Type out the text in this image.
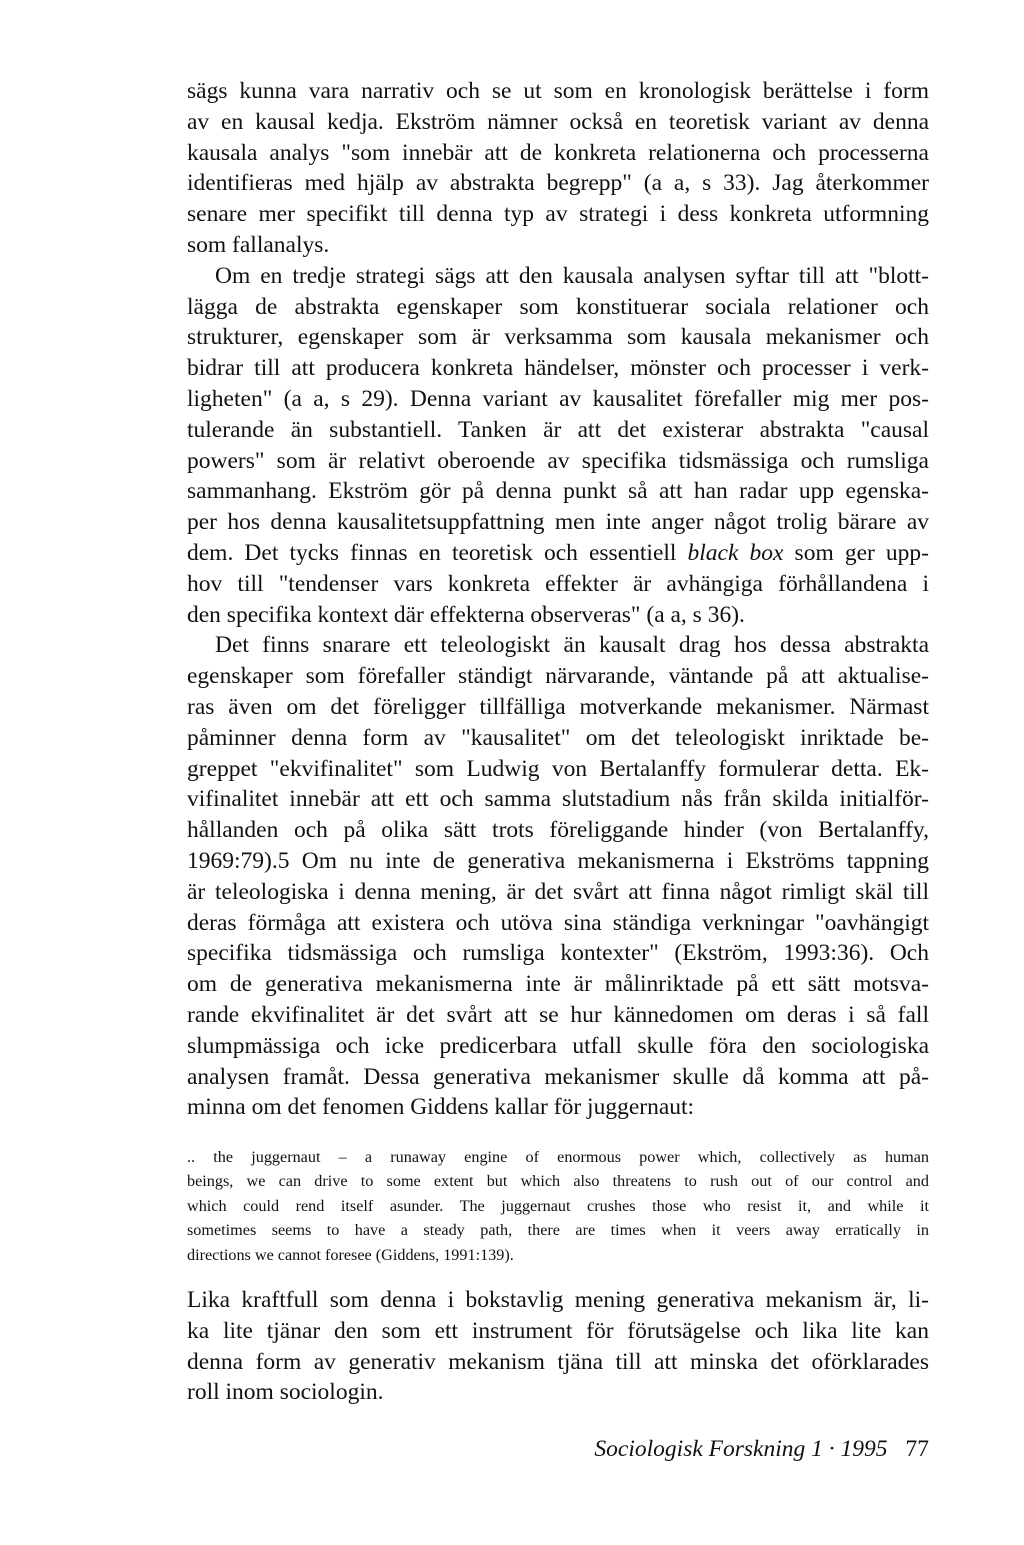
sägs kunna vara narrativ och se ut som en kronologisk berättelse i form
av en kausal kedja. Ekström nämner också en teoretisk variant av denna
kausala analys "som innebär att de konkreta relationerna och processerna
identifieras med hjälp av abstrakta begrepp" (a a, s 33). Jag återkommer
senare mer specifikt till denna typ av strategi i dess konkreta utformning
som fallanalys.
Om en tredje strategi sägs att den kausala analysen syftar till att "blott-
lägga de abstrakta egenskaper som konstituerar sociala relationer och
strukturer, egenskaper som är verksamma som kausala mekanismer och
bidrar till att producera konkreta händelser, mönster och processer i verk-
ligheten" (a a, s 29). Denna variant av kausalitet förefaller mig mer pos-
tulerande än substantiell. Tanken är att det existerar abstrakta "causal
powers" som är relativt oberoende av specifika tidsmässiga och rumsliga
sammanhang. Ekström gör på denna punkt så att han radar upp egenska-
per hos denna kausalitetsuppfattning men inte anger något trolig bärare av
dem. Det tycks finnas en teoretisk och essentiell black box som ger upp-
hov till "tendenser vars konkreta effekter är avhängiga förhållandena i
den specifika kontext där effekterna observeras" (a a, s 36).
Det finns snarare ett teleologiskt än kausalt drag hos dessa abstrakta
egenskaper som förefaller ständigt närvarande, väntande på att aktualise-
ras även om det föreligger tillfälliga motverkande mekanismer. Närmast
påminner denna form av "kausalitet" om det teleologiskt inriktade be-
greppet "ekvifinalitet" som Ludwig von Bertalanffy formulerar detta. Ek-
vifinalitet innebär att ett och samma slutstadium nås från skilda initialför-
hållanden och på olika sätt trots föreliggande hinder (von Bertalanffy,
1969:79).5 Om nu inte de generativa mekanismerna i Ekströms tappning
är teleologiska i denna mening, är det svårt att finna något rimligt skäl till
deras förmåga att existera och utöva sina ständiga verkningar "oavhängigt
specifika tidsmässiga och rumsliga kontexter" (Ekström, 1993:36). Och
om de generativa mekanismerna inte är målinriktade på ett sätt motsva-
rande ekvifinalitet är det svårt att se hur kännedomen om deras i så fall
slumpmässiga och icke predicerbara utfall skulle föra den sociologiska
analysen framåt. Dessa generativa mekanismer skulle då komma att på-
minna om det fenomen Giddens kallar för juggernaut:
.. the juggernaut – a runaway engine of enormous power which, collectively as human
beings, we can drive to some extent but which also threatens to rush out of our control and
which could rend itself asunder. The juggernaut crushes those who resist it, and while it
sometimes seems to have a steady path, there are times when it veers away erratically in
directions we cannot foresee (Giddens, 1991:139).
Lika kraftfull som denna i bokstavlig mening generativa mekanism är, li-
ka lite tjänar den som ett instrument för förutsägelse och lika lite kan
denna form av generativ mekanism tjäna till att minska det oförklarades
roll inom sociologin.
Sociologisk Forskning 1 · 1995 77
